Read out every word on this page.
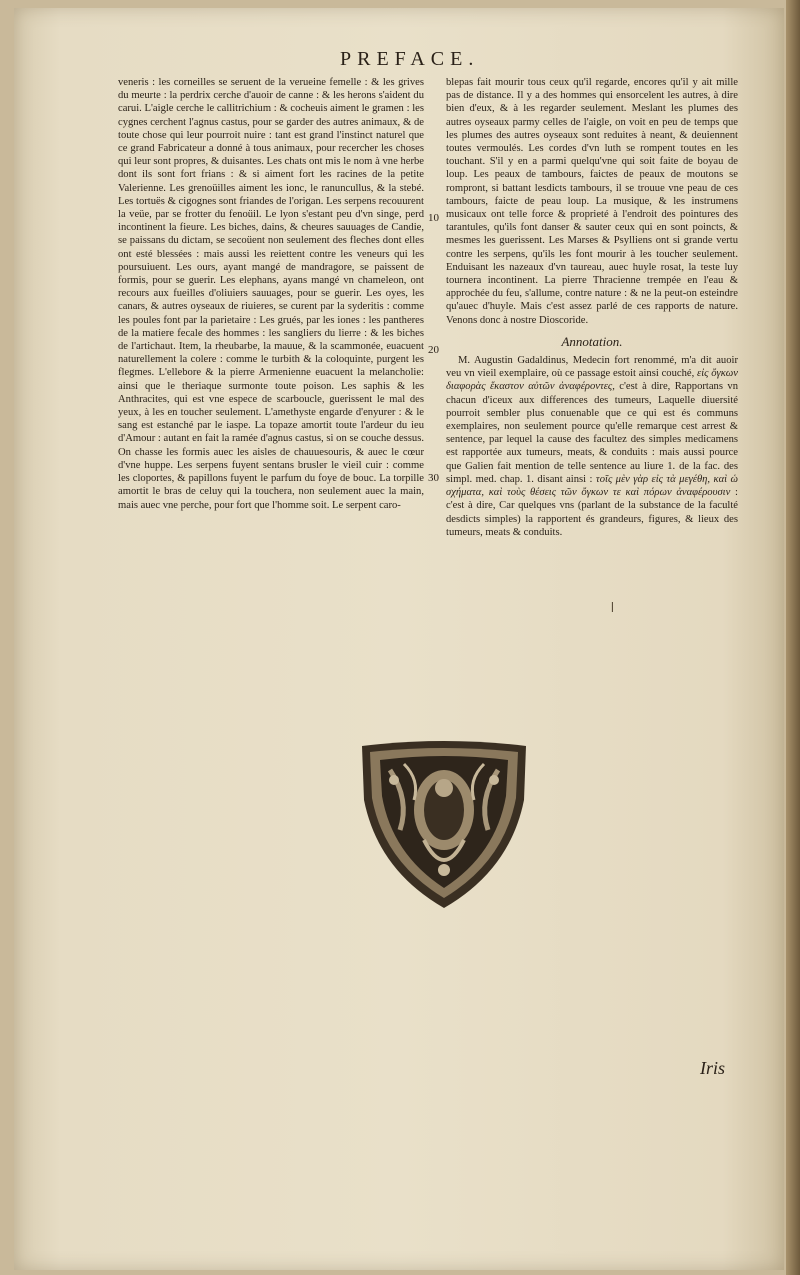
PREFACE.

veneris : les corneilles se seruent de la verueine femelle : & les grives du meurte : la perdrix cerche d'auoir de canne : & les herons s'aident du carui. L'aigle cerche le callitrichium : & cocheuis aiment le gramen : les cygnes cerchent l'agnus castus, pour se garder des autres animaux, & de toute chose qui leur pourroit nuire : tant est grand l'instinct naturel que ce grand Fabricateur a donné à tous animaux, pour recercher les choses qui leur sont propres, & duisantes. Les chats ont mis le nom à vne herbe dont ils sont fort frians : & si aiment fort les racines de la petite Valerienne. Les grenoüilles aiment les ionc, le ranuncullus, & la stebé. Les tortuës & cigognes sont friandes de l'origan. Les serpens recouurent la veüe, par se frotter du fenoüil. Le lyon s'estant peu d'vn singe, perd incontinent la fieure. Les biches, dains, & cheures sauuages de Candie, se paissans du dictam, se secoüent non seulement des fleches dont elles ont esté blessées : mais aussi les reiettent contre les veneurs qui les poursuiuent. Les ours, ayant mangé de mandragore, se paissent de formis, pour se guerir. Les elephans, ayans mangé vn chameleon, ont recours aux fueilles d'oliuiers sauuages, pour se guerir. Les oyes, les canars, & autres oyseaux de riuieres, se curent par la syderitis : comme les poules font par la parietaire : Les grués, par les iones : les pantheres de la matiere fecale des hommes : les sangliers du lierre : & les biches de l'artichaut. Item, la rheubarbe, la mauue, & la scammonée, euacuent naturellement la colere : comme le turbith & la coloquinte, purgent les flegmes. L'ellebore & la pierre Armenienne euacuent la melancholie: ainsi que le theriaque surmonte toute poison. Les saphis & les Anthracites, qui est vne espece de scarboucle, guerissent le mal des yeux, à les en toucher seulement. L'amethyste engarde d'enyurer : & le sang est estanché par le iaspe. La topaze amortit toute l'ardeur du ieu d'Amour : autant en fait la ramée d'agnus castus, si on se couche dessus. On chasse les formis auec les aisles de chauuesouris, & auec le cœur d'vne huppe. Les serpens fuyent sentans brusler le vieil cuir : comme les cloportes, & papillons fuyent le parfum du foye de bouc. La torpille amortit le bras de celuy qui la touchera, non seulement auec la main, mais auec vne perche, pour fort que l'homme soit. Le serpent caro-

10
20
30

blepas fait mourir tous ceux qu'il regarde, encores qu'il y ait mille pas de distance. Il y a des hommes qui ensorcelent les autres, à dire bien d'eux, & à les regarder seulement. Meslant les plumes des autres oyseaux parmy celles de l'aigle, on voit en peu de temps que les plumes des autres oyseaux sont reduites à neant, & deuiennent toutes vermoulés. Les cordes d'vn luth se rompent toutes en les touchant. S'il y en a parmi quelqu'vne qui soit faite de boyau de loup. Les peaux de tambours, faictes de peaux de moutons se rompront, si battant lesdicts tambours, il se trouue vne peau de ces tambours, faicte de peau loup. La musique, & les instrumens musicaux ont telle force & proprieté à l'endroit des pointures des tarantules, qu'ils font danser & sauter ceux qui en sont poincts, & mesmes les guerissent. Les Marses & Psylliens ont si grande vertu contre les serpens, qu'ils les font mourir à les toucher seulement. Enduisant les nazeaux d'vn taureau, auec huyle rosat, la teste luy tournera incontinent. La pierre Thracienne trempée en l'eau & approchée du feu, s'allume, contre nature : & ne la peut-on esteindre qu'auec d'huyle. Mais c'est assez parlé de ces rapports de nature. Venons donc à nostre Dioscoride.

Annotation.

M. Augustin Gadaldinus, Medecin fort renommé, m'a dit auoir veu vn vieil exemplaire, où ce passage estoit ainsi couché, εἰς ὄγκων διαφορὰς ἕκαστον αὐτῶν ἀναφέροντες, c'est à dire, Rapportans vn chacun d'iceux aux differences des tumeurs, Laquelle diuersité pourroit sembler plus conuenable que ce qui est és communs exemplaires, non seulement pource qu'elle remarque cest arrest & sentence, par lequel la cause des facultez des simples medicamens est rapportée aux tumeurs, meats, & conduits : mais aussi pource que Galien fait mention de telle sentence au liure 1. de la fac. des simpl. med. chap. 1. disant ainsi : τοῖς μὲν γὰρ εἰς τὰ μεγέθη, καὶ ὡ σχήματα, καὶ τοὺς θέσεις τῶν ὄγκων τε καὶ πόρων ἀναφέρουσιν : c'est à dire, Car quelques vns (parlant de la substance de la faculté desdicts simples) la rapportent és grandeurs, figures, & lieux des tumeurs, meats & conduits.

⎸
Iris
